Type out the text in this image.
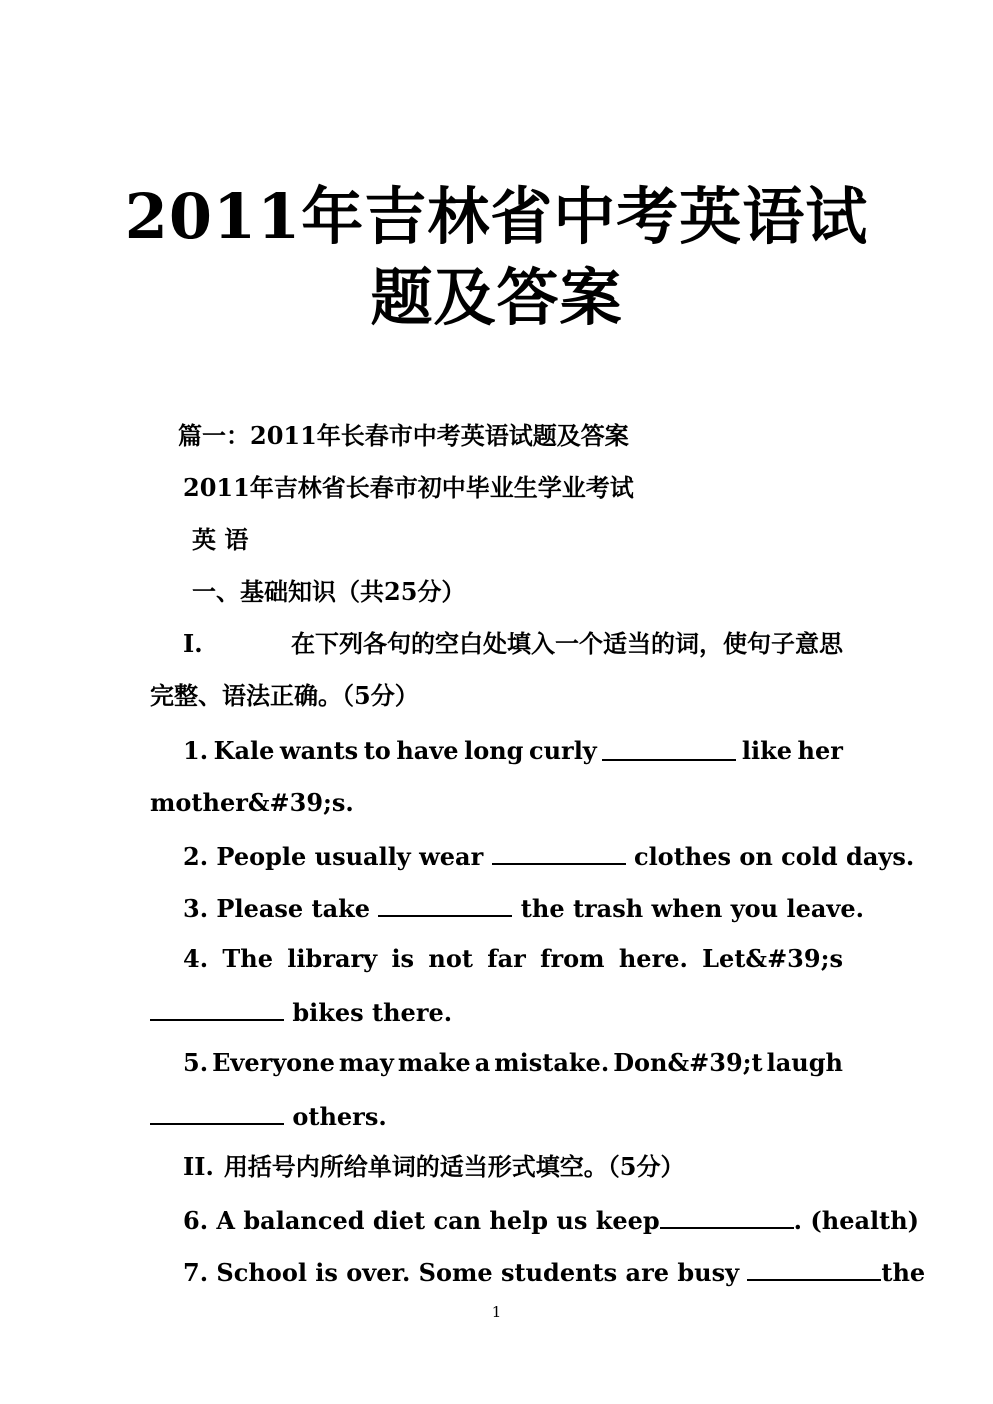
2011年吉林省中考英语试
题及答案
篇一：2011年长春市中考英语试题及答案
2011年吉林省长春市初中毕业生学业考试
英 语
一、基础知识（共25分）
I.	在下列各句的空白处填入一个适当的词，使句子意思
完整、语法正确。（5分）
1. Kale wants to have long curly	like her
mother&#39;s.
2. People usually wear	clothes on cold days.
3. Please take	the trash when you leave.
4. The library is not far from here. Let&#39;s
bikes there.
5. Everyone may make a mistake. Don&#39;t laugh
others.
II. 用括号内所给单词的适当形式填空。（5分）
6. A balanced diet can help us keep	. (health)
7. School is over. Some students are busy	the
1
